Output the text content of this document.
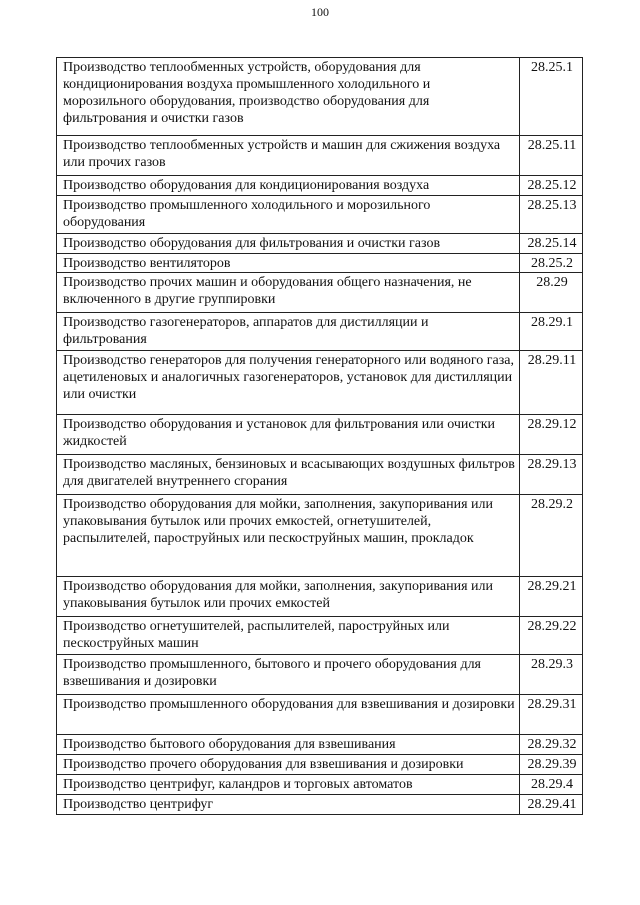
100
Производство теплообменных устройств, оборудования для кондиционирования воздуха промышленного холодильного и морозильного оборудования, производство оборудования для фильтрования и очистки газов	28.25.1
Производство теплообменных устройств и машин для сжижения воздуха или прочих газов	28.25.11
Производство оборудования для кондиционирования воздуха	28.25.12
Производство промышленного холодильного и морозильного оборудования	28.25.13
Производство оборудования для фильтрования и очистки газов	28.25.14
Производство вентиляторов	28.25.2
Производство прочих машин и оборудования общего назначения, не включенного в другие группировки	28.29
Производство газогенераторов, аппаратов для дистилляции и фильтрования	28.29.1
Производство генераторов для получения генераторного или водяного газа, ацетиленовых и аналогичных газогенераторов, установок для дистилляции или очистки	28.29.11
Производство оборудования и установок для фильтрования или очистки жидкостей	28.29.12
Производство масляных, бензиновых и всасывающих воздушных фильтров для двигателей внутреннего сгорания	28.29.13
Производство оборудования для мойки, заполнения, закупоривания или упаковывания бутылок или прочих емкостей, огнетушителей, распылителей, пароструйных или пескоструйных машин, прокладок	28.29.2
Производство оборудования для мойки, заполнения, закупоривания или упаковывания бутылок или прочих емкостей	28.29.21
Производство огнетушителей, распылителей, пароструйных или пескоструйных машин	28.29.22
Производство промышленного, бытового и прочего оборудования для взвешивания и дозировки	28.29.3
Производство промышленного оборудования для взвешивания и дозировки	28.29.31
Производство бытового оборудования для взвешивания	28.29.32
Производство прочего оборудования для взвешивания и дозировки	28.29.39
Производство центрифуг, каландров и торговых автоматов	28.29.4
Производство центрифуг	28.29.41
